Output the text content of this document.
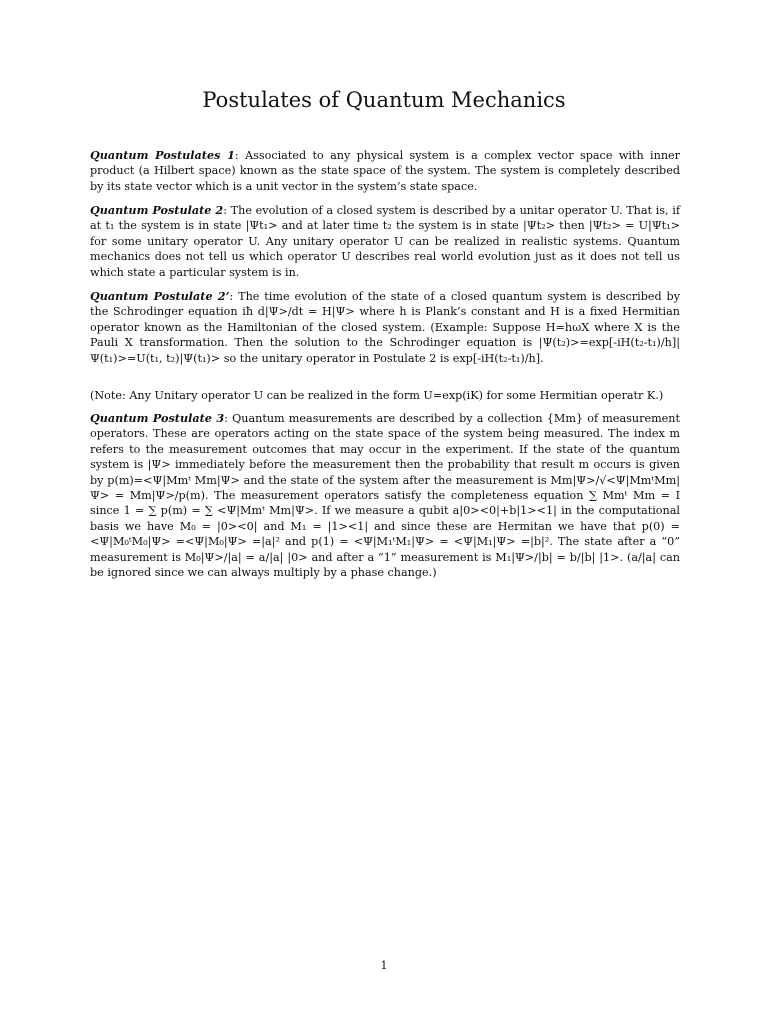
Postulates of Quantum Mechanics

Quantum Postulates 1: Associated to any physical system is a complex vector space with inner product (a Hilbert space) known as the state space of the system. The system is completely described by its state vector which is a unit vector in the system’s state space.

Quantum Postulate 2: The evolution of a closed system is described by a unitar operator U. That is, if at t₁ the system is in state |Ψt₁> and at later time t₂ the system is in state |Ψt₂> then |Ψt₂> = U|Ψt₁> for some unitary operator U. Any unitary operator U can be realized in realistic systems. Quantum mechanics does not tell us which operator U describes real world evolution just as it does not tell us which state a particular system is in.

Quantum Postulate 2’: The time evolution of the state of a closed quantum system is described by the Schrodinger equation iħ d|Ψ>/dt = H|Ψ> where h is Plank’s constant and H is a fixed Hermitian operator known as the Hamiltonian of the closed system. (Example: Suppose H=hωX where X is the Pauli X transformation. Then the solution to the Schrodinger equation is |Ψ(t₂)>=exp[-iH(t₂-t₁)/h]|Ψ(t₁)>=U(t₁, t₂)|Ψ(t₁)> so the unitary operator in Postulate 2 is exp[-iH(t₂-t₁)/h].

(Note: Any Unitary operator U can be realized in the form U=exp(iK) for some Hermitian operatr K.)

Quantum Postulate 3: Quantum measurements are described by a collection {Mm} of measurement operators. These are operators acting on the state space of the system being measured. The index m refers to the measurement outcomes that may occur in the experiment. If the state of the quantum system is |Ψ> immediately before the measurement then the probability that result m occurs is given by p(m)=<Ψ|Mmᵗ Mm|Ψ> and the state of the system after the measurement is Mm|Ψ>/√<Ψ|MmᵗMm|Ψ> = Mm|Ψ>/p(m). The measurement operators satisfy the completeness equation ∑ Mmᵗ Mm = I since 1 = ∑ p(m) = ∑ <Ψ|Mmᵗ Mm|Ψ>. If we measure a qubit a|0><0|+b|1><1| in the computational basis we have M₀ = |0><0| and M₁ = |1><1| and since these are Hermitan we have that p(0) = <Ψ|M₀ᵗM₀|Ψ> =<Ψ|M₀|Ψ> =|a|² and p(1) = <Ψ|M₁ᵗM₁|Ψ> = <Ψ|M₁|Ψ> =|b|². The state after a “0” measurement is M₀|Ψ>/|a| = a/|a| |0> and after a “1” measurement is M₁|Ψ>/|b| = b/|b| |1>. (a/|a| can be ignored since we can always multiply by a phase change.)

1
